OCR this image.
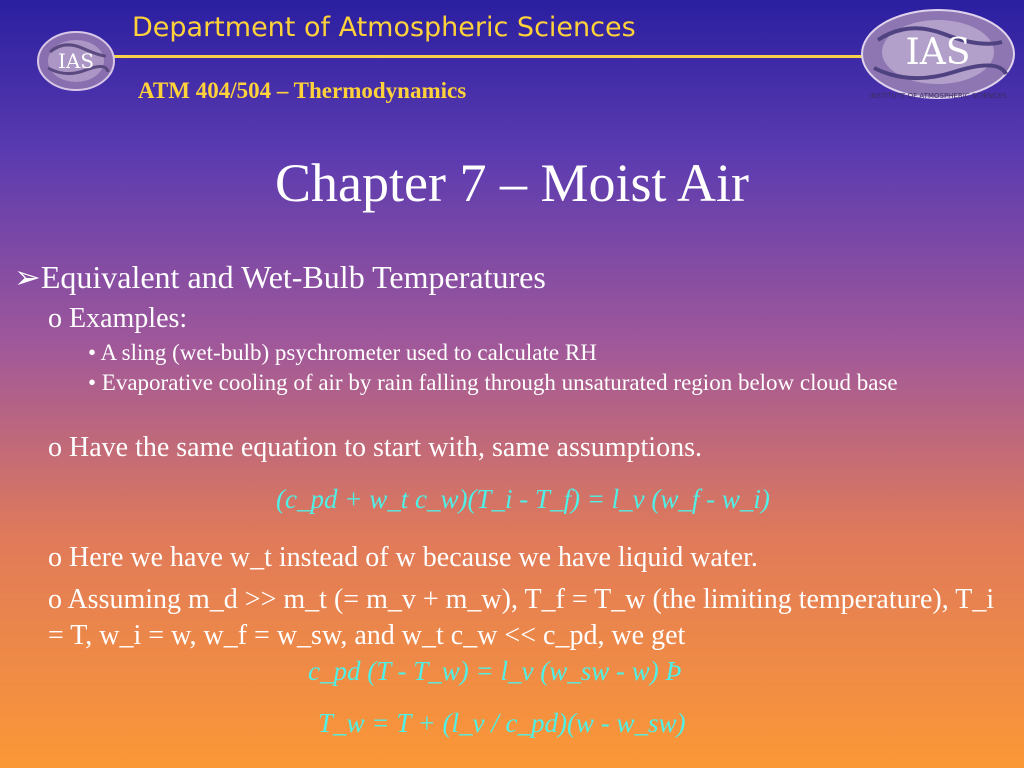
IAS	IAS
INSTITUTE OF ATMOSPHERIC SCIENCES
Department of Atmospheric Sciences
ATM 404/504 – Thermodynamics
Chapter 7 – Moist Air
➢Equivalent and Wet-Bulb Temperatures
o Examples:
• A sling (wet-bulb) psychrometer used to calculate RH
• Evaporative cooling of air by rain falling through unsaturated region below cloud base
o Have the same equation to start with, same assumptions.
(c_pd + w_t c_w)(T_i - T_f) = l_v (w_f - w_i)
o Here we have w_t instead of w because we have liquid water.
o Assuming m_d >> m_t (= m_v + m_w), T_f = T_w (the limiting temperature), T_i = T, w_i = w, w_f = w_sw, and w_t c_w << c_pd, we get
c_pd (T - T_w) = l_v (w_sw - w) Þ
T_w = T + (l_v / c_pd)(w - w_sw)
